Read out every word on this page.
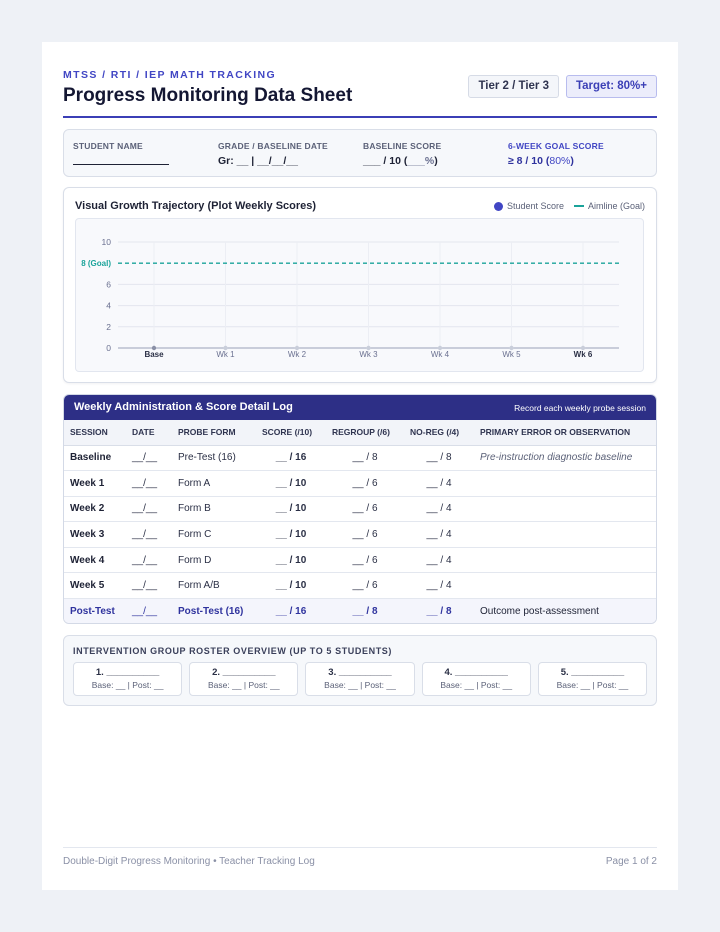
MTSS / RTI / IEP MATH TRACKING
Progress Monitoring Data Sheet	Tier 2 / Tier 3	Target: 80%+
STUDENT NAME	GRADE / BASELINE DATE
Gr: __ | __/__/__
BASELINE SCORE
___ / 10 (___%)
6-WEEK GOAL SCORE
≥ 8 / 10 (80%)
Visual Growth Trajectory (Plot Weekly Scores)	Student Score	Aimline (Goal)
0
2
4
6
8 (Goal)
10
Base	Wk 1	Wk 2	Wk 3	Wk 4	Wk 5	Wk 6
Weekly Administration & Score Detail Log	Record each weekly probe session
SESSION	DATE	PROBE FORM	SCORE (/10)	REGROUP (/6)	NO-REG (/4)	PRIMARY ERROR OR OBSERVATION
Baseline	__/__	Pre-Test (16)	__ / 16	__ / 8	__ / 8	Pre-instruction diagnostic baseline
Week 1	__/__	Form A	__ / 10	__ / 6	__ / 4	
Week 2	__/__	Form B	__ / 10	__ / 6	__ / 4	
Week 3	__/__	Form C	__ / 10	__ / 6	__ / 4	
Week 4	__/__	Form D	__ / 10	__ / 6	__ / 4	
Week 5	__/__	Form A/B	__ / 10	__ / 6	__ / 4	
Post-Test	__/__	Post-Test (16)	__ / 16	__ / 8	__ / 8	Outcome post-assessment
INTERVENTION GROUP ROSTER OVERVIEW (UP TO 5 STUDENTS)
1. __________
Base: __ | Post: __
2. __________
Base: __ | Post: __
3. __________
Base: __ | Post: __
4. __________
Base: __ | Post: __
5. __________
Base: __ | Post: __
Double-Digit Progress Monitoring • Teacher Tracking Log	Page 1 of 2
